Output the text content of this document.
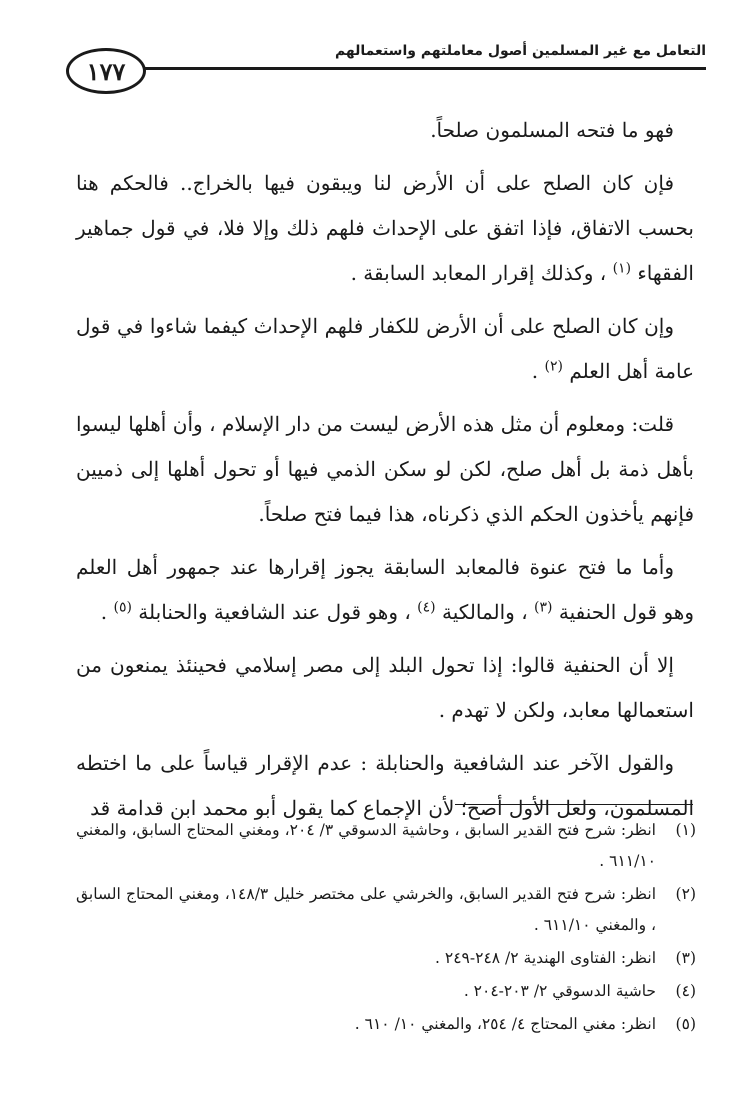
١٧٧
التعامل مع غير المسلمين أصول معاملتهم واستعمالهم

فهو ما فتحه المسلمون صلحاً.

فإن كان الصلح على أن الأرض لنا ويبقون فيها بالخراج.. فالحكم هنا بحسب الاتفاق، فإذا اتفق على الإحداث فلهم ذلك وإلا فلا، في قول جماهير الفقهاء $^{(١)}$ ، وكذلك إقرار المعابد السابقة .

وإن كان الصلح على أن الأرض للكفار فلهم الإحداث كيفما شاءوا في قول عامة أهل العلم $^{(٢)}$ .

قلت: ومعلوم أن مثل هذه الأرض ليست من دار الإسلام ، وأن أهلها ليسوا بأهل ذمة بل أهل صلح، لكن لو سكن الذمي فيها أو تحول أهلها إلى ذميين فإنهم يأخذون الحكم الذي ذكرناه، هذا فيما فتح صلحاً.

وأما ما فتح عنوة فالمعابد السابقة يجوز إقرارها عند جمهور أهل العلم وهو قول الحنفية $^{(٣)}$ ، والمالكية $^{(٤)}$ ، وهو قول عند الشافعية والحنابلة $^{(٥)}$ .

إلا أن الحنفية قالوا: إذا تحول البلد إلى مصر إسلامي فحينئذ يمنعون من استعمالها معابد، ولكن لا تهدم .

والقول الآخر عند الشافعية والحنابلة : عدم الإقرار قياساً على ما اختطه المسلمون، ولعل الأول أصح؛ لأن الإجماع كما يقول أبو محمد ابن قدامة قد

(١)
انظر: شرح فتح القدير السابق ، وحاشية الدسوقي ٣/ ٢٠٤، ومغني المحتاج السابق، والمغني ٦١١/١٠ .
(٢)
انظر: شرح فتح القدير السابق، والخرشي على مختصر خليل ١٤٨/٣، ومغني المحتاج السابق ، والمغني ٦١١/١٠ .
(٣)
انظر: الفتاوى الهندية ٢/ ٢٤٨-٢٤٩ .
(٤)
حاشية الدسوقي ٢/ ٢٠٣-٢٠٤ .
(٥)
انظر: مغني المحتاج ٤/ ٢٥٤، والمغني ١٠/ ٦١٠ .
